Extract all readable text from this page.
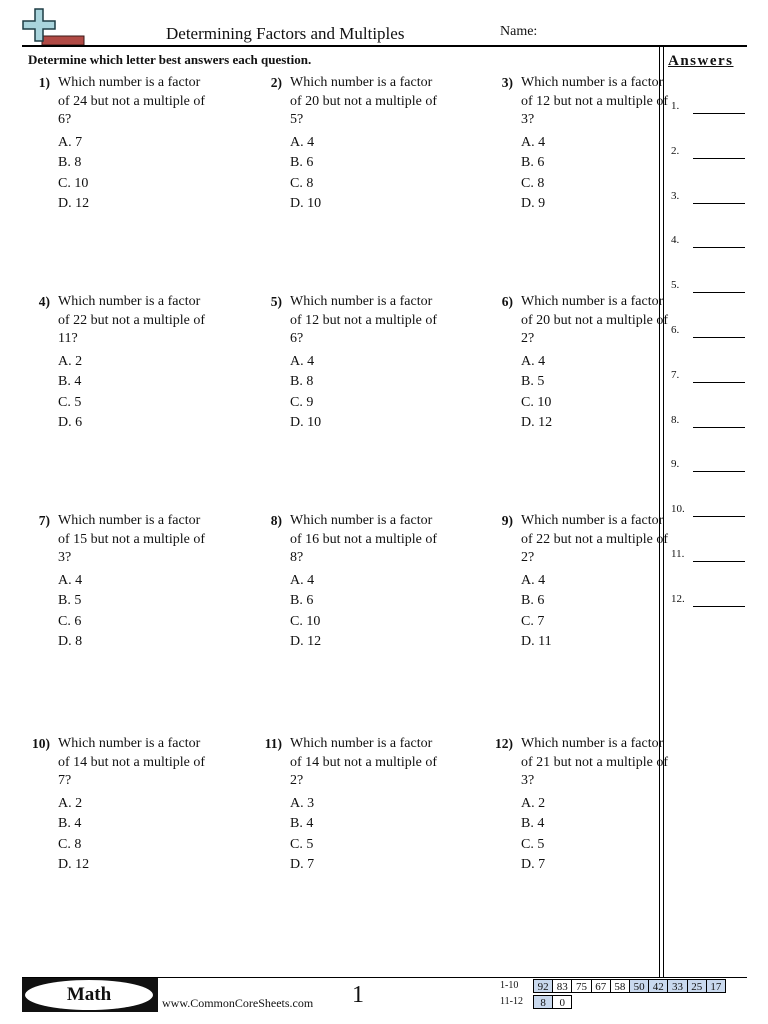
Determining Factors and Multiples	Name:
Determine which letter best answers each question.	Answers
1.
2.
3.
4.
5.
6.
7.
8.
9.
10.
11.
12.
1) Which number is a factor of 24 but not a multiple of 6?
A. 7
B. 8
C. 10
D. 12
2) Which number is a factor of 20 but not a multiple of 5?
A. 4
B. 6
C. 8
D. 10
3) Which number is a factor of 12 but not a multiple of 3?
A. 4
B. 6
C. 8
D. 9
4) Which number is a factor of 22 but not a multiple of 11?
A. 2
B. 4
C. 5
D. 6
5) Which number is a factor of 12 but not a multiple of 6?
A. 4
B. 8
C. 9
D. 10
6) Which number is a factor of 20 but not a multiple of 2?
A. 4
B. 5
C. 10
D. 12
7) Which number is a factor of 15 but not a multiple of 3?
A. 4
B. 5
C. 6
D. 8
8) Which number is a factor of 16 but not a multiple of 8?
A. 4
B. 6
C. 10
D. 12
9) Which number is a factor of 22 but not a multiple of 2?
A. 4
B. 6
C. 7
D. 11
10) Which number is a factor of 14 but not a multiple of 7?
A. 2
B. 4
C. 8
D. 12
11) Which number is a factor of 14 but not a multiple of 2?
A. 3
B. 4
C. 5
D. 7
12) Which number is a factor of 21 but not a multiple of 3?
A. 2
B. 4
C. 5
D. 7
Math	www.CommonCoreSheets.com 1	1-10	92 83 75 67 58 50 42 33 25 17
11-12	8	0
